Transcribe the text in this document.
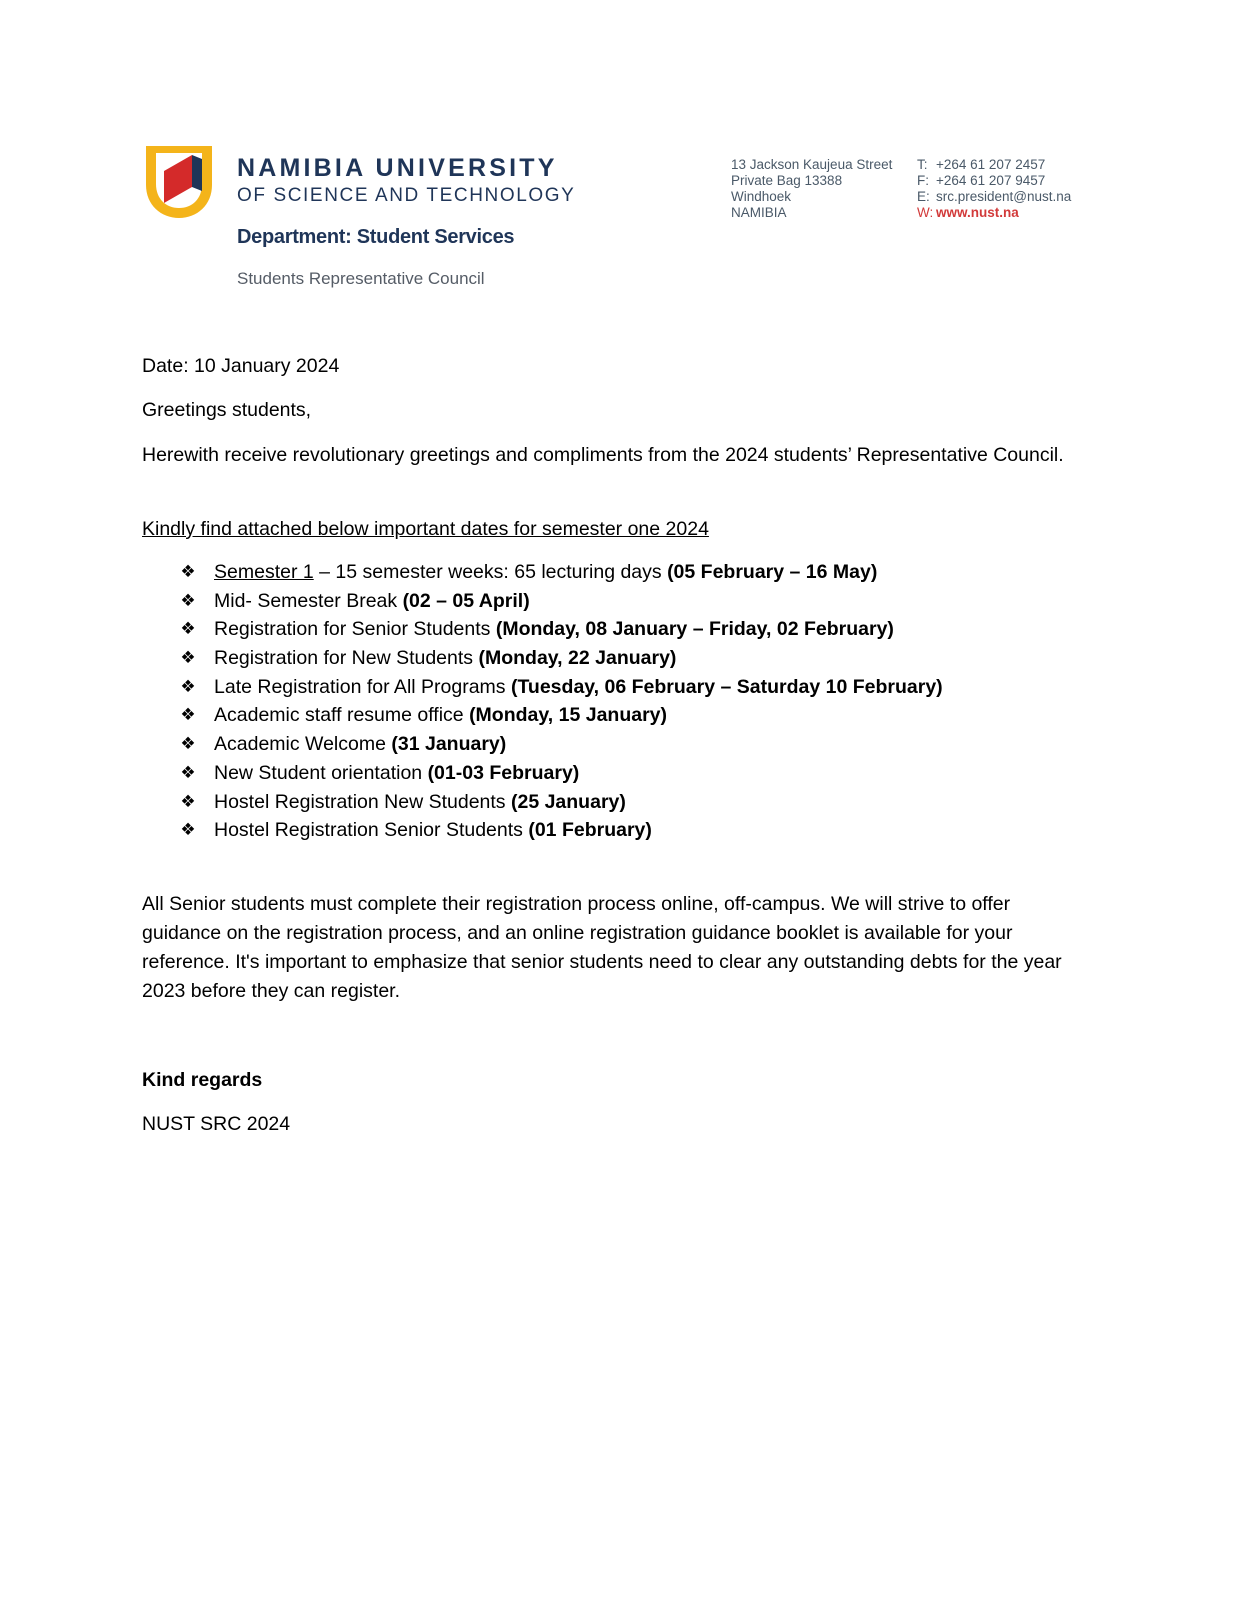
NAMIBIA UNIVERSITY
OF SCIENCE AND TECHNOLOGY
Department: Student Services
Students Representative Council
13 Jackson Kaujeua Street
Private Bag 13388
Windhoek
NAMIBIA
T: +264 61 207 2457
F: +264 61 207 9457
E: src.president@nust.na
W: www.nust.na
Date: 10 January 2024
Greetings students,
Herewith receive revolutionary greetings and compliments from the 2024 students’ Representative Council.
Kindly find attached below important dates for semester one 2024
❖ Semester 1 – 15 semester weeks: 65 lecturing days (05 February – 16 May)
❖ Mid- Semester Break (02 – 05 April)
❖ Registration for Senior Students (Monday, 08 January – Friday, 02 February)
❖ Registration for New Students (Monday, 22 January)
❖ Late Registration for All Programs (Tuesday, 06 February – Saturday 10 February)
❖ Academic staff resume office (Monday, 15 January)
❖ Academic Welcome (31 January)
❖ New Student orientation (01-03 February)
❖ Hostel Registration New Students (25 January)
❖ Hostel Registration Senior Students (01 February)
All Senior students must complete their registration process online, off-campus. We will strive to offer guidance on the registration process, and an online registration guidance booklet is available for your reference. It's important to emphasize that senior students need to clear any outstanding debts for the year 2023 before they can register.
Kind regards
NUST SRC 2024
